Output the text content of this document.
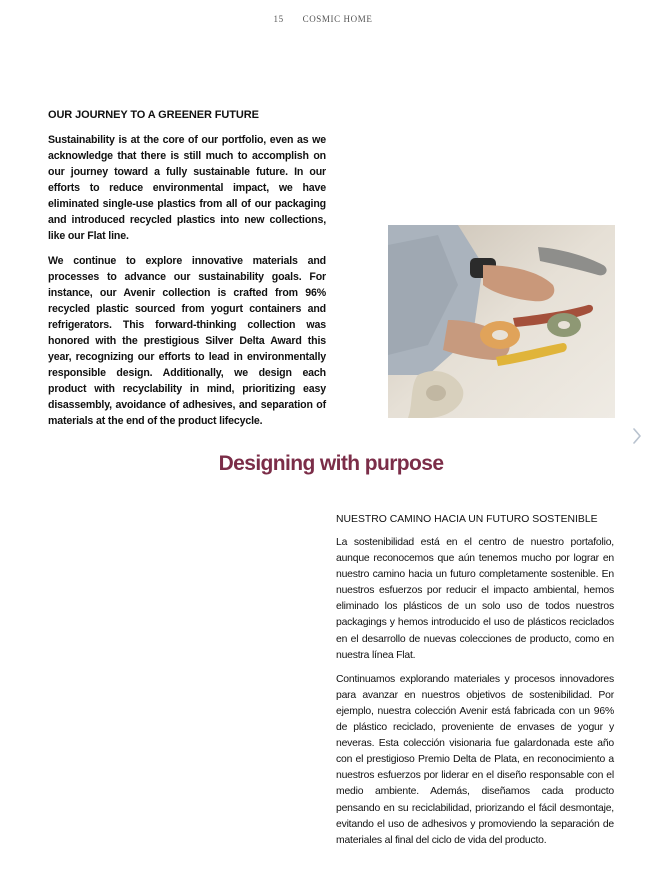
15 COSMIC HOME
OUR JOURNEY TO A GREENER FUTURE

Sustainability is at the core of our portfolio, even as we acknowledge that there is still much to accomplish on our journey toward a fully sustainable future. In our efforts to reduce environmental impact, we have eliminated single-use plastics from all of our packaging and introduced recycled plastics into new collections, like our Flat line.

We continue to explore innovative materials and processes to advance our sustainability goals. For instance, our Avenir collection is crafted from 96% recycled plastic sourced from yogurt containers and refrigerators. This forward-thinking collection was honored with the prestigious Silver Delta Award this year, recognizing our efforts to lead in environmentally responsible design. Additionally, we design each product with recyclability in mind, prioritizing easy disassembly, avoidance of adhesives, and separation of materials at the end of the product lifecycle.

Designing with purpose
NUESTRO CAMINO HACIA UN FUTURO SOSTENIBLE

La sostenibilidad está en el centro de nuestro portafolio, aunque reconocemos que aún tenemos mucho por lograr en nuestro camino hacia un futuro completamente sostenible. En nuestros esfuerzos por reducir el impacto ambiental, hemos eliminado los plásticos de un solo uso de todos nuestros packagings y hemos introducido el uso de plásticos reciclados en el desarrollo de nuevas colecciones de producto, como en nuestra línea Flat.

Continuamos explorando materiales y procesos innovadores para avanzar en nuestros objetivos de sostenibilidad. Por ejemplo, nuestra colección Avenir está fabricada con un 96% de plástico reciclado, proveniente de envases de yogur y neveras. Esta colección visionaria fue galardonada este año con el prestigioso Premio Delta de Plata, en reconocimiento a nuestros esfuerzos por liderar en el diseño responsable con el medio ambiente. Además, diseñamos cada producto pensando en su reciclabilidad, priorizando el fácil desmontaje, evitando el uso de adhesivos y promoviendo la separación de materiales al final del ciclo de vida del producto.
